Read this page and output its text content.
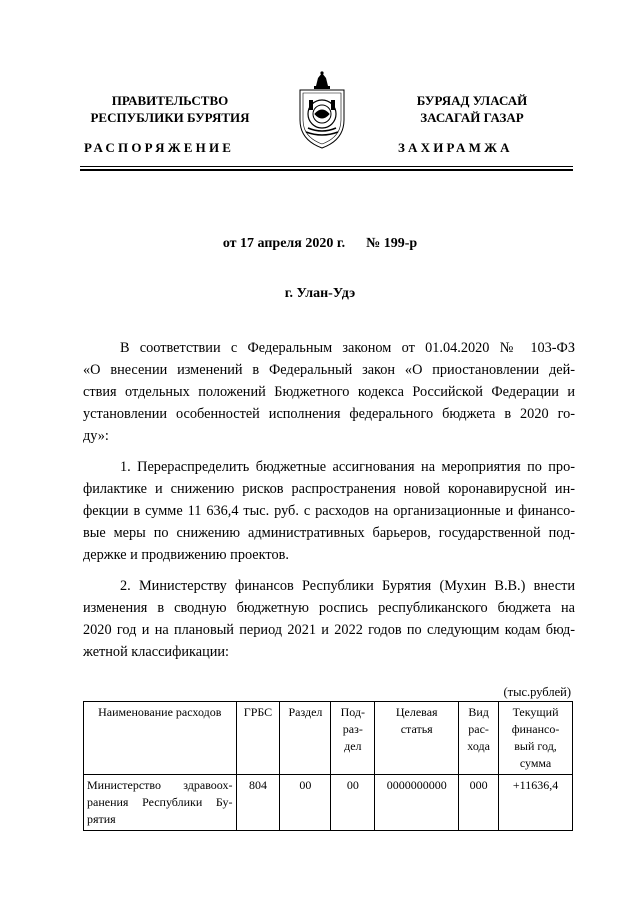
ПРАВИТЕЛЬСТВО
РЕСПУБЛИКИ БУРЯТИЯ
БУРЯАД УЛАСАЙ
ЗАСАГАЙ ГАЗАР
РАСПОРЯЖЕНИЕ	ЗАХИРАМЖА
от 17 апреля 2020 г. № 199-р
г. Улан-Удэ
В соответствии с Федеральным законом от 01.04.2020 № 103-ФЗ
«О внесении изменений в Федеральный закон «О приостановлении дей-
ствия отдельных положений Бюджетного кодекса Российской Федерации и
установлении особенностей исполнения федерального бюджета в 2020 го-
ду»:
1. Перераспределить бюджетные ассигнования на мероприятия по про-
филактике и снижению рисков распространения новой коронавирусной ин-
фекции в сумме 11 636,4 тыс. руб. с расходов на организационные и финансо-
вые меры по снижению административных барьеров, государственной под-
держке и продвижению проектов.
2. Министерству финансов Республики Бурятия (Мухин В.В.) внести
изменения в сводную бюджетную роспись республиканского бюджета на
2020 год и на плановый период 2021 и 2022 годов по следующим кодам бюд-
жетной классификации:
(тыс.рублей)
Наименование расходов	ГРБС	Раздел	Под-
раз-
дел	Целевая
статья	Вид
рас-
хода	Текущий
финансо-
вый год,
сумма
Министерство здравоох-ранения Республики Бу-рятия	804	00	00	0000000000	000	+11636,4
